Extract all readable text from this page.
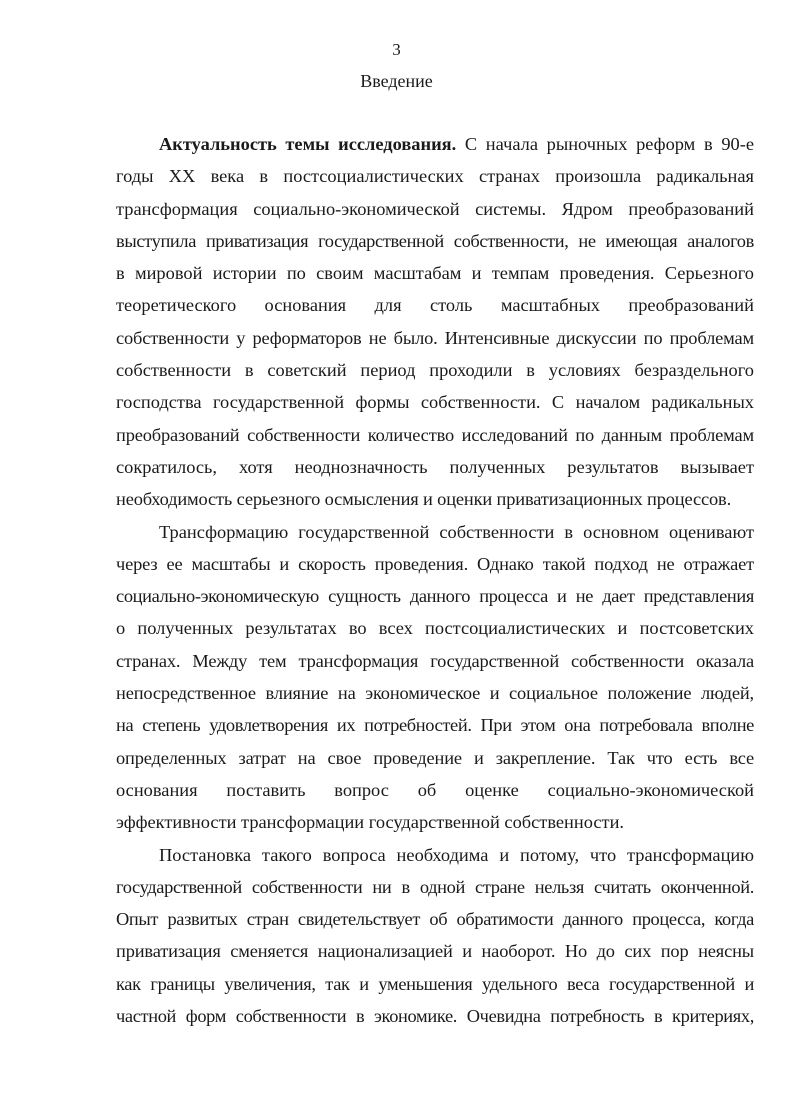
3
Введение
Актуальность темы исследования. С начала рыночных реформ в 90-е
годы XX века в постсоциалистических странах произошла радикальная
трансформация социально-экономической системы. Ядром преобразований
выступила приватизация государственной собственности, не имеющая аналогов
в мировой истории по своим масштабам и темпам проведения. Серьезного
теоретического основания для столь масштабных преобразований
собственности у реформаторов не было. Интенсивные дискуссии по проблемам
собственности в советский период проходили в условиях безраздельного
господства государственной формы собственности. С началом радикальных
преобразований собственности количество исследований по данным проблемам
сократилось, хотя неоднозначность полученных результатов вызывает
необходимость серьезного осмысления и оценки приватизационных процессов.
Трансформацию государственной собственности в основном оценивают
через ее масштабы и скорость проведения. Однако такой подход не отражает
социально-экономическую сущность данного процесса и не дает представления
о полученных результатах во всех постсоциалистических и постсоветских
странах. Между тем трансформация государственной собственности оказала
непосредственное влияние на экономическое и социальное положение людей,
на степень удовлетворения их потребностей. При этом она потребовала вполне
определенных затрат на свое проведение и закрепление. Так что есть все
основания поставить вопрос об оценке социально-экономической
эффективности трансформации государственной собственности.
Постановка такого вопроса необходима и потому, что трансформацию
государственной собственности ни в одной стране нельзя считать оконченной.
Опыт развитых стран свидетельствует об обратимости данного процесса, когда
приватизация сменяется национализацией и наоборот. Но до сих пор неясны
как границы увеличения, так и уменьшения удельного веса государственной и
частной форм собственности в экономике. Очевидна потребность в критериях,
